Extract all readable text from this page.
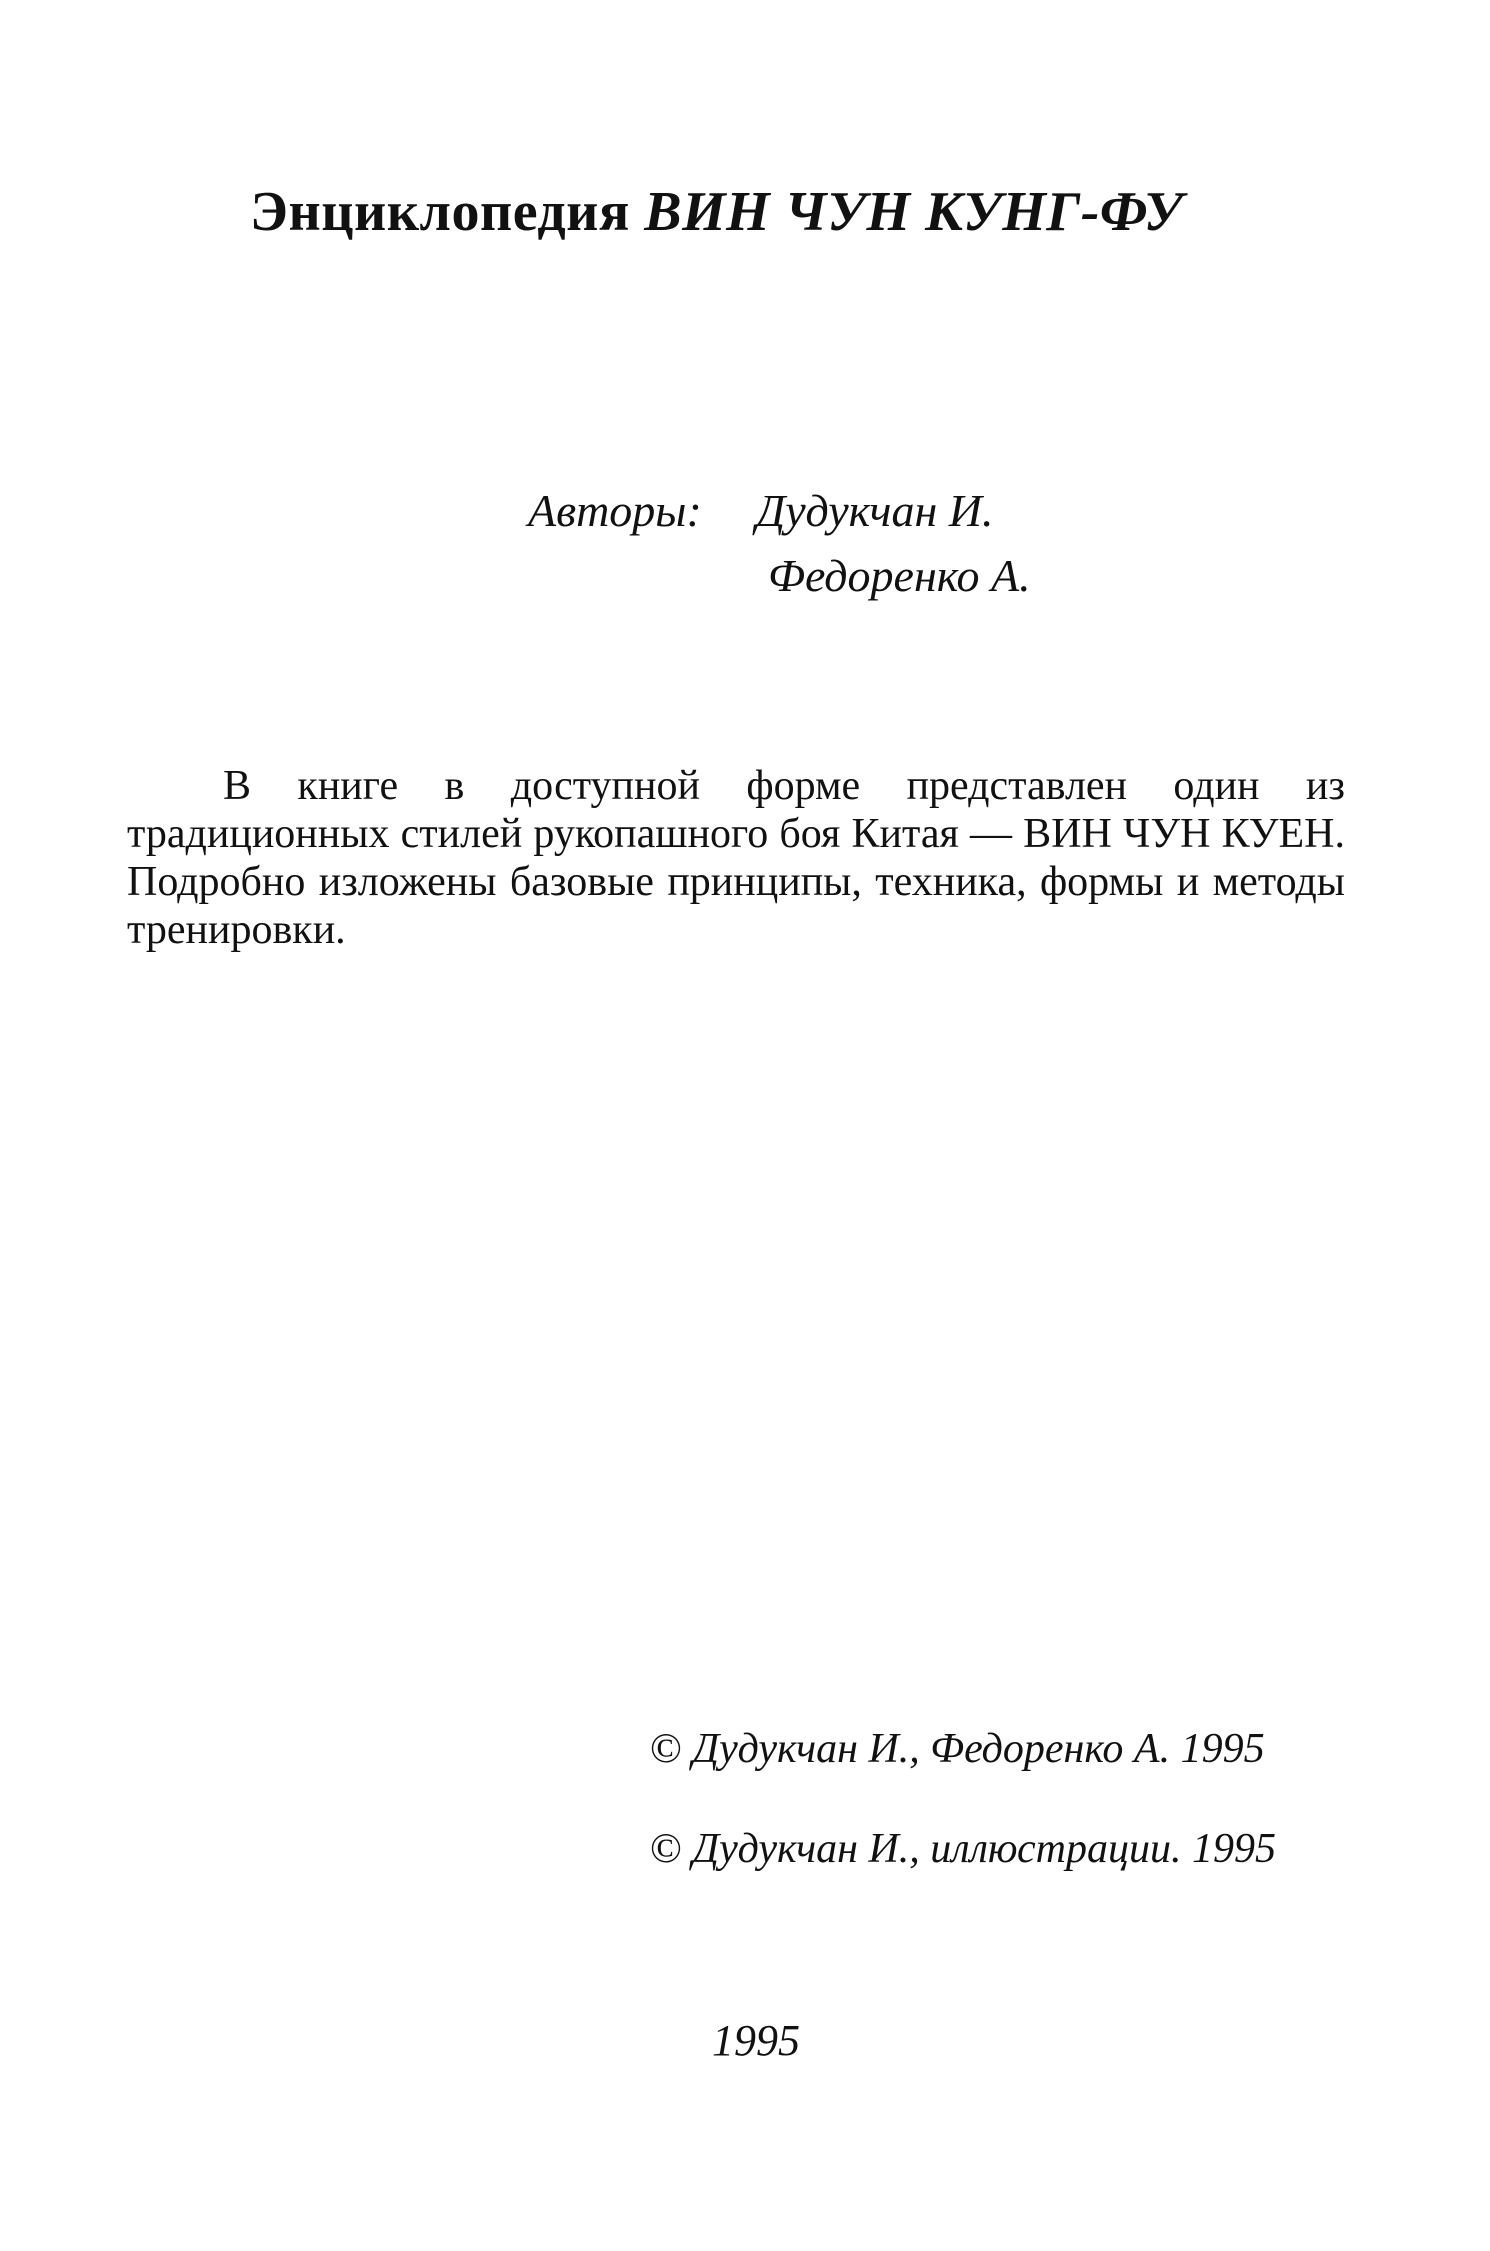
Энциклопедия ВИН ЧУН КУНГ-ФУ
Авторы: Дудукчан И.
Федоренко А.
В книге в доступной форме представлен один из традиционных стилей рукопашного боя Китая — ВИН ЧУН КУЕН. Подробно изложены базовые принципы, техника, формы и методы тренировки.
© Дудукчан И., Федоренко А. 1995
© Дудукчан И., иллюстрации. 1995
1995
